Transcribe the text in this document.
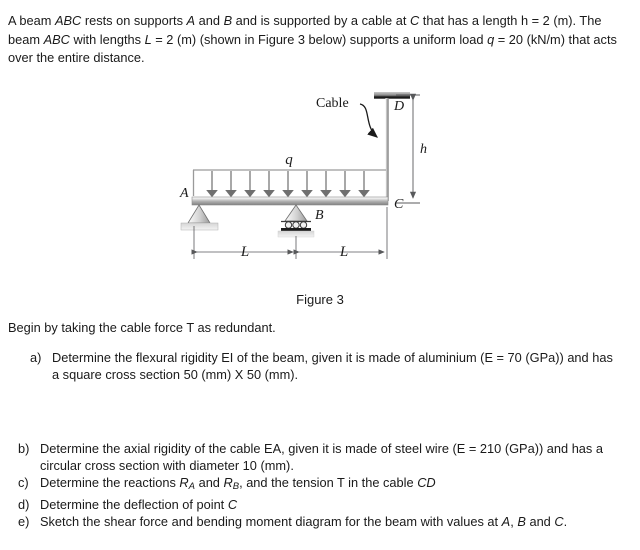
A beam ABC rests on supports A and B and is supported by a cable at C that has a length h = 2 (m). The beam ABC with lengths L = 2 (m) (shown in Figure 3 below) supports a uniform load q = 20 (kN/m) that acts over the entire distance.
D
Cable
q
A
C
B
h
L	L
Figure 3
Begin by taking the cable force T as redundant.
a) Determine the flexural rigidity EI of the beam, given it is made of aluminium (E = 70 (GPa)) and has a square cross section 50 (mm) X 50 (mm).
b) Determine the axial rigidity of the cable EA, given it is made of steel wire (E = 210 (GPa)) and has a circular cross section with diameter 10 (mm).
c) Determine the reactions $R_A$ and $R_B$, and the tension T in the cable CD
d) Determine the deflection of point C
e) Sketch the shear force and bending moment diagram for the beam with values at A, B and C.
